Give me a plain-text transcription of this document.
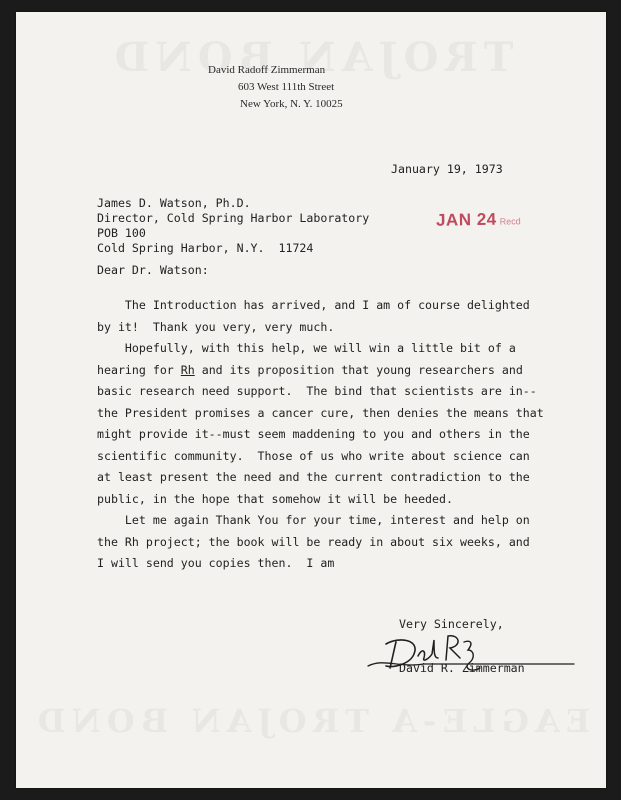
David Radoff Zimmerman
603 West 111th Street
New York, N. Y. 10025
January 19, 1973
James D. Watson, Ph.D.
Director, Cold Spring Harbor Laboratory
POB 100
Cold Spring Harbor, N.Y.  11724
JAN 24 Recd
Dear Dr. Watson:
The Introduction has arrived, and I am of course delighted
by it!  Thank you very, very much.
Hopefully, with this help, we will win a little bit of a
hearing for Rh and its proposition that young researchers and
basic research need support.  The bind that scientists are in--
the President promises a cancer cure, then denies the means that
might provide it--must seem maddening to you and others in the
scientific community.  Those of us who write about science can
at least present the need and the current contradiction to the
public, in the hope that somehow it will be heeded.
Let me again Thank You for your time, interest and help on
the Rh project; the book will be ready in about six weeks, and
I will send you copies then.  I am
Very Sincerely,
David R. Zimmerman
